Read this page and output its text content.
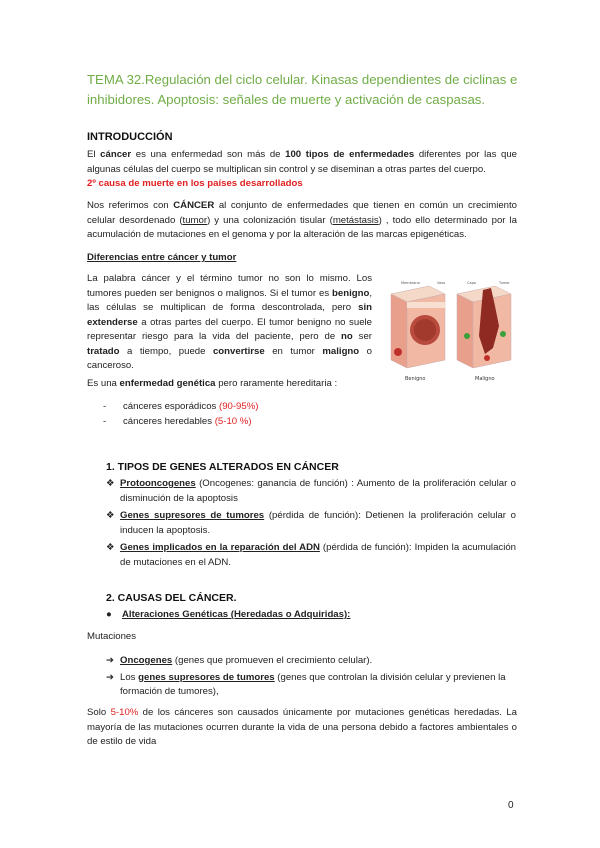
TEMA 32.Regulación del ciclo celular. Kinasas dependientes de ciclinas e inhibidores. Apoptosis: señales de muerte y activación de caspasas.
INTRODUCCIÓN

El cáncer es una enfermedad son más de 100 tipos de enfermedades diferentes por las que algunas células del cuerpo se multiplican sin control y se diseminan a otras partes del cuerpo.

2º causa de muerte en los países desarrollados

Nos referimos con CÁNCER al conjunto de enfermedades que tienen en común un crecimiento celular desordenado (tumor) y una colonización tisular (metástasis) , todo ello determinado por la acumulación de mutaciones en el genoma y por la alteración de las marcas epigenéticas.

Diferencias entre cáncer y tumor

La palabra cáncer y el término tumor no son lo mismo. Los tumores pueden ser benignos o malignos. Si el tumor es benigno, las células se multiplican de forma descontrolada, pero sin extenderse a otras partes del cuerpo. El tumor benigno no suele representar riesgo para la vida del paciente, pero de no ser tratado a tiempo, puede convertirse en tumor maligno o canceroso.

Membrana	Vaso	Capa	Tumor
Benigno	Maligno

Es una enfermedad genética pero raramente hereditaria :

- cánceres esporádicos (90-95%)
- cánceres heredables (5-10 %)
1. TIPOS DE GENES ALTERADOS EN CÁNCER
❖ Protooncogenes (Oncogenes: ganancia de función) : Aumento de la proliferación celular o disminución de la apoptosis
❖ Genes supresores de tumores (pérdida de función): Detienen la proliferación celular o inducen la apoptosis.
❖ Genes implicados en la reparación del ADN (pérdida de función): Impiden la acumulación de mutaciones en el ADN.
2. CAUSAS DEL CÁNCER.
● Alteraciones Genéticas (Heredadas o Adquiridas):
Mutaciones
➔ Oncogenes (genes que promueven el crecimiento celular).
➔ Los genes supresores de tumores (genes que controlan la división celular y previenen la formación de tumores),

Solo 5-10% de los cánceres son causados únicamente por mutaciones genéticas heredadas. La mayoría de las mutaciones ocurren durante la vida de una persona debido a factores ambientales o de estilo de vida

0
